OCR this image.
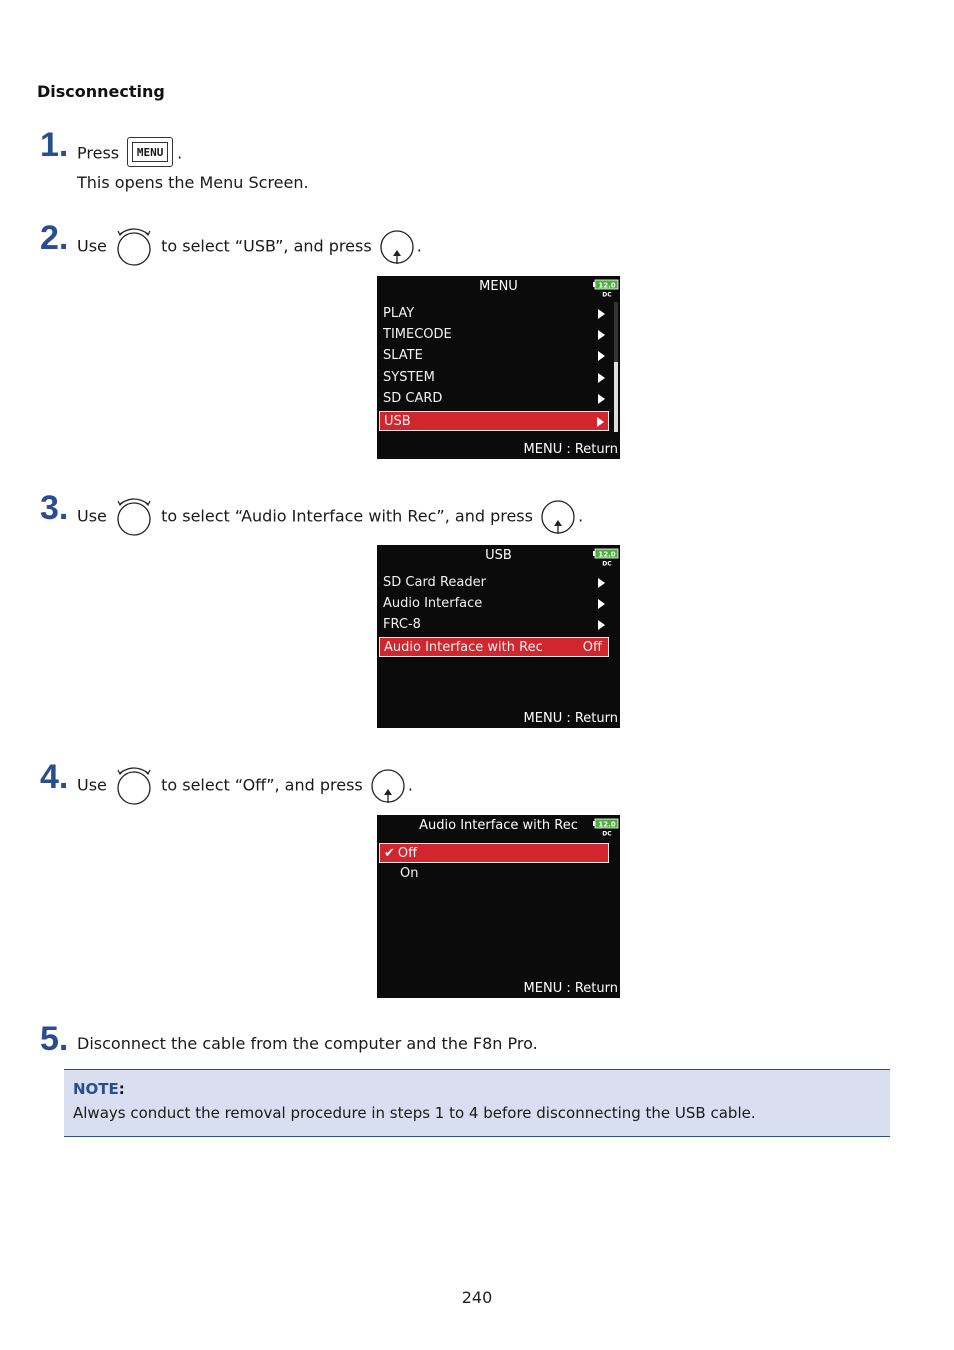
Disconnecting
1. Press	MENU .
This opens the Menu Screen.
2. Use	to select “USB”, and press	.
MENU	12.0
DC
PLAY
TIMECODE
SLATE
SYSTEM
SD CARD
USB
MENU : Return
3. Use	to select “Audio Interface with Rec”, and press	.
USB	12.0
DC
SD Card Reader
Audio Interface
FRC-8
Audio Interface with Rec	Off
MENU : Return
4. Use	to select “Off”, and press	.
Audio Interface with Rec	12.0
DC
✔ Off
On
MENU : Return
5. Disconnect the cable from the computer and the F8n Pro.
NOTE:
Always conduct the removal procedure in steps 1 to 4 before disconnecting the USB cable.
240
